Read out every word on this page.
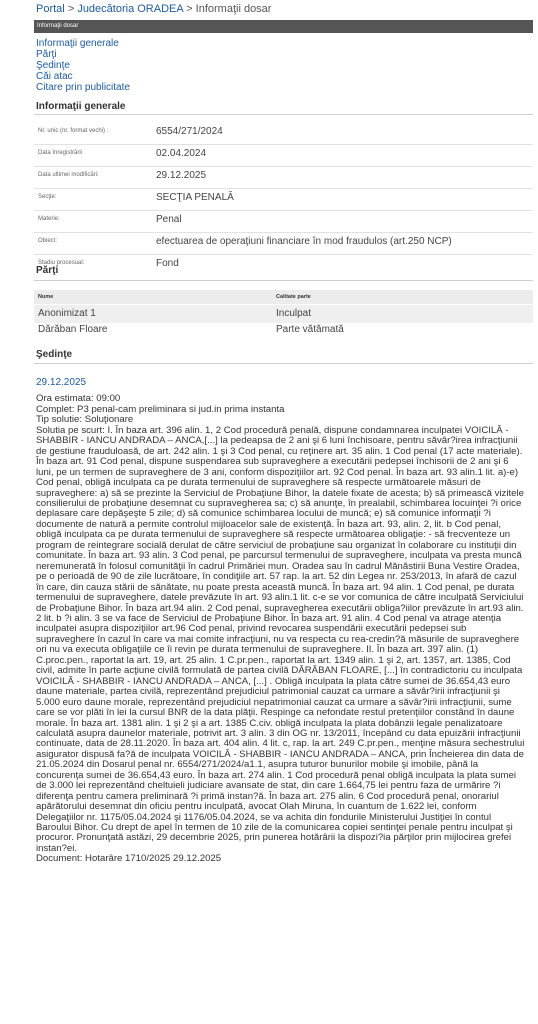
Portal > Judecătoria ORADEA > Informaţii dosar
Informaţii dosar
Informaţii generale
Părţi
Şedinţe
Căi atac
Citare prin publicitate
Informaţii generale
Nr. unic (nr. format vechi) :	6554/271/2024
Data înregistrării	02.04.2024
Data ultimei modificări:	29.12.2025
Secţie:	SECŢIA PENALĂ
Materie:	Penal
Obiect:	efectuarea de operaţiuni financiare în mod fraudulos (art.250 NCP)
Stadiu procesual:	Fond
Părţi
Nume	Calitate parte
Anonimizat 1	Inculpat
Dărăban Floare	Parte vătămată
Şedinţe
29.12.2025

Ora estimata: 09:00

Complet: P3 penal-cam preliminara si jud.in prima instanta

Tip solutie: Soluţionare

Solutia pe scurt: I. În baza art. 396 alin. 1, 2 Cod procedură penală, dispune condamnarea inculpatei VOICILĂ - SHABBIR - IANCU ANDRADA – ANCA,[...] la pedeapsa de 2 ani şi 6 luni închisoare, pentru săvâr?irea infracţiunii de gestiune frauduloasă, de art. 242 alin. 1 şi 3 Cod penal, cu reţinere art. 35 alin. 1 Cod penal (17 acte materiale). În baza art. 91 Cod penal, dispune suspendarea sub supraveghere a executării pedepsei închisorii de 2 ani şi 6 luni, pe un termen de supraveghere de 3 ani, conform dispoziţiilor art. 92 Cod penal. În baza art. 93 alin.1 lit. a)-e) Cod penal, obligă inculpata ca pe durata termenului de supraveghere să respecte următoarele măsuri de supraveghere: a) să se prezinte la Serviciul de Probaţiune Bihor, la datele fixate de acesta; b) să primească vizitele consilierului de probaţiune desemnat cu supravegherea sa; c) să anunţe, în prealabil, schimbarea locuinţei ?i orice deplasare care depăşeşte 5 zile; d) să comunice schimbarea locului de muncă; e) să comunice informaţii ?i documente de natură a permite controlul mijloacelor sale de existenţă. În baza art. 93, alin. 2, lit. b Cod penal, obligă inculpata ca pe durata termenului de supraveghere să respecte următoarea obligaţie: - să frecventeze un program de reintegrare socială derulat de către serviciul de probaţiune sau organizat în colaborare cu instituţii din comunitate. În baza art. 93 alin. 3 Cod penal, pe parcursul termenului de supraveghere, inculpata va presta muncă neremunerată în folosul comunităţii în cadrul Primăriei mun. Oradea sau în cadrul Mănăstirii Buna Vestire Oradea, pe o perioadă de 90 de zile lucrătoare, în condiţiile art. 57 rap. la art. 52 din Legea nr. 253/2013, în afară de cazul în care, din cauza stării de sănătate, nu poate presta această muncă. În baza art. 94 alin. 1 Cod penal, pe durata termenului de supraveghere, datele prevăzute în art. 93 alin.1 lit. c-e se vor comunica de către inculpată Serviciului de Probaţiune Bihor. În baza art.94 alin. 2 Cod penal, supravegherea executării obliga?iilor prevăzute în art.93 alin. 2 lit. b ?i alin. 3 se va face de Serviciul de Probaţiune Bihor. În baza art. 91 alin. 4 Cod penal va atrage atenţia inculpatei asupra dispoziţiilor art.96 Cod penal, privind revocarea suspendării executării pedepsei sub supraveghere în cazul în care va mai comite infracţiuni, nu va respecta cu rea-credin?ă măsurile de supraveghere ori nu va executa obligaţiile ce îi revin pe durata termenului de supraveghere. II. În baza art. 397 alin. (1) C.proc.pen., raportat la art. 19, art. 25 alin. 1 C.pr.pen., raportat la art. 1349 alin. 1 şi 2, art. 1357, art. 1385, Cod civil, admite în parte acţiune civilă formulată de partea civilă DĂRĂBAN FLOARE, [...] în contradictoriu cu inculpata VOICILĂ - SHABBIR - IANCU ANDRADA – ANCA, [...] . Obligă inculpata la plata către sumei de 36.654,43 euro daune materiale, partea civilă, reprezentând prejudiciul patrimonial cauzat ca urmare a săvâr?irii infracţiunii şi 5.000 euro daune morale, reprezentând prejudiciul nepatrimonial cauzat ca urmare a săvâr?irii infracţiunii, sume care se vor plăti în lei la cursul BNR de la data plăţii. Respinge ca nefondate restul pretenţiilor constând în daune morale. În baza art. 1381 alin. 1 şi 2 şi a art. 1385 C.civ. obligă inculpata la plata dobânzii legale penalizatoare calculată asupra daunelor materiale, potrivit art. 3 alin. 3 din OG nr. 13/2011, începând cu data epuizării infracţiunii continuate, data de 28.11.2020. În baza art. 404 alin. 4 lit. c, rap. la art. 249 C.pr.pen., menţine măsura sechestrului asigurator dispusă fa?ă de inculpata VOICILĂ - SHABBIR - IANCU ANDRADA – ANCA, prin Încheierea din data de 21.05.2024 din Dosarul penal nr. 6554/271/2024/a1.1, asupra tuturor bunurilor mobile şi imobile, până la concurenţa sumei de 36.654,43 euro. În baza art. 274 alin. 1 Cod procedură penal obligă inculpata la plata sumei de 3.000 lei reprezentând cheltuieli judiciare avansate de stat, din care 1.664,75 lei pentru faza de urmărire ?i diferenţa pentru camera preliminară ?i primă instan?ă. În baza art. 275 alin. 6 Cod procedură penal, onorariul apărătorului desemnat din oficiu pentru inculpată, avocat Olah Miruna, în cuantum de 1.622 lei, conform Delegaţiilor nr. 1175/05.04.2024 şi 1176/05.04.2024, se va achita din fondurile Ministerului Justiţiei în contul Baroului Bihor. Cu drept de apel în termen de 10 zile de la comunicarea copiei sentinţei penale pentru inculpat şi procuror. Pronunţată astăzi, 29 decembrie 2025, prin punerea hotărârii la dispozi?ia părţilor prin mijlocirea grefei instan?ei.

Document: Hotarâre 1710/2025 29.12.2025
